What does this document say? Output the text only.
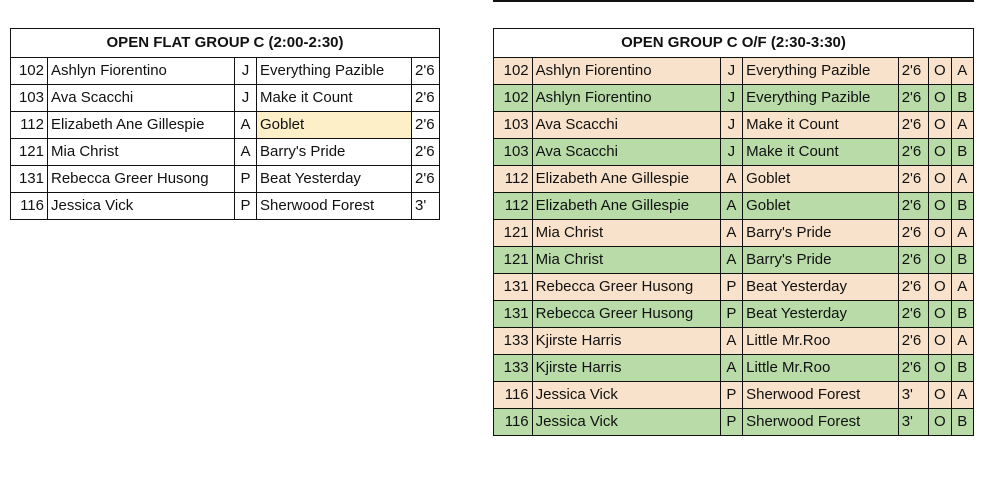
OPEN FLAT GROUP C (2:00-2:30)				
102	Ashlyn Fiorentino	J	Everything Pazible	2'6
103	Ava Scacchi	J	Make it Count	2'6
112	Elizabeth Ane Gillespie	A	Goblet	2'6
121	Mia Christ	A	Barry's Pride	2'6
131	Rebecca Greer Husong	P	Beat Yesterday	2'6
116	Jessica Vick	P	Sherwood Forest	3'
OPEN GROUP C O/F (2:30-3:30)						
102	Ashlyn Fiorentino	J	Everything Pazible	2'6	O	A
102	Ashlyn Fiorentino	J	Everything Pazible	2'6	O	B
103	Ava Scacchi	J	Make it Count	2'6	O	A
103	Ava Scacchi	J	Make it Count	2'6	O	B
112	Elizabeth Ane Gillespie	A	Goblet	2'6	O	A
112	Elizabeth Ane Gillespie	A	Goblet	2'6	O	B
121	Mia Christ	A	Barry's Pride	2'6	O	A
121	Mia Christ	A	Barry's Pride	2'6	O	B
131	Rebecca Greer Husong	P	Beat Yesterday	2'6	O	A
131	Rebecca Greer Husong	P	Beat Yesterday	2'6	O	B
133	Kjirste Harris	A	Little Mr.Roo	2'6	O	A
133	Kjirste Harris	A	Little Mr.Roo	2'6	O	B
116	Jessica Vick	P	Sherwood Forest	3'	O	A
116	Jessica Vick	P	Sherwood Forest	3'	O	B
